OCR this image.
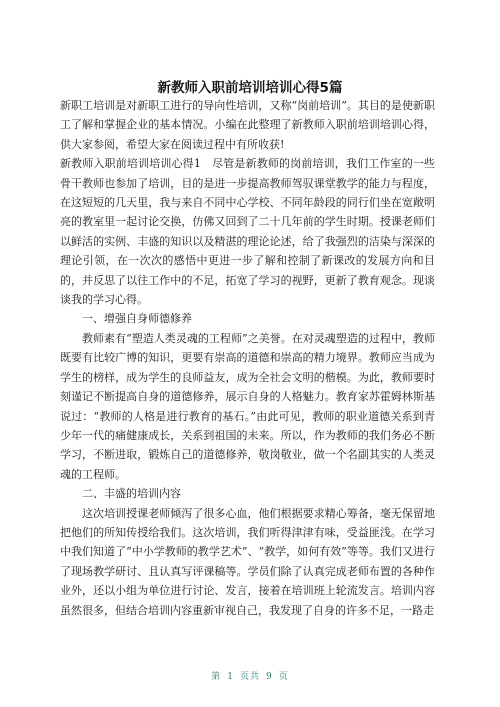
新教师入职前培训培训心得5篇

新职工培训是对新职工进行的导向性培训，又称“岗前培训”。其目的是使新职工了解和掌握企业的基本情况。小编在此整理了新教师入职前培训培训心得，供大家参阅，希望大家在阅读过程中有所收获!

新教师入职前培训培训心得1　尽管是新教师的岗前培训，我们工作室的一些骨干教师也参加了培训，目的是进一步提高教师驾驭课堂教学的能力与程度，在这短短的几天里，我与来自不同中心学校、不同年龄段的同行们坐在宽敞明亮的教室里一起讨论交换，仿佛又回到了二十几年前的学生时期。授课老师们以鲜活的实例、丰盛的知识以及精湛的理论论述，给了我强烈的洁染与深深的理论引领，在一次次的感悟中更进一步了解和控制了新课改的发展方向和目的，并反思了以往工作中的不足，拓宽了学习的视野，更新了教育观念。现谈谈我的学习心得。

一、增强自身师德修养

教师素有“塑造人类灵魂的工程师”之美誉。在对灵魂塑造的过程中，教师既要有比较广博的知识，更要有崇高的道德和崇高的精力境界。教师应当成为学生的榜样，成为学生的良师益友，成为全社会文明的楷模。为此，教师要时刻谨记不断提高自身的道德修养，展示自身的人格魅力。教育家苏霍姆林斯基说过：“教师的人格是进行教育的基石。”由此可见，教师的职业道德关系到青少年一代的痛健康成长，关系到祖国的未来。所以，作为教师的我们务必不断学习，不断进取，锻炼自己的道德修养，敬岗敬业，做一个名副其实的人类灵魂的工程师。

二、丰盛的培训内容

这次培训授课老师倾泻了很多心血，他们根据要求精心筹备，毫无保留地把他们的所知传授给我们。这次培训，我们听得津津有味，受益匪浅。在学习中我们知道了“中小学教师的教学艺术”、“教学，如何有效”等等。我们又进行了现场教学研讨、且认真写评课稿等。学员们除了认真完成老师布置的各种作业外，还以小组为单位进行讨论、发言，接着在培训班上轮流发言。培训内容虽然很多，但结合培训内容重新审视自己，我发现了自身的许多不足，一路走

第 1 页共 9 页
